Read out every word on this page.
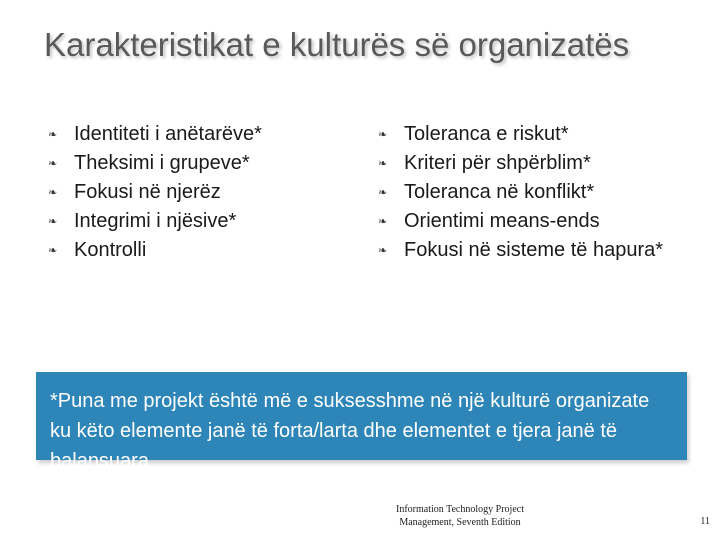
Karakteristikat e kulturës së organizatës
❧ Identiteti i anëtarëve*
❧ Theksimi i grupeve*
❧ Fokusi në njerëz
❧ Integrimi i njësive*
❧ Kontrolli
❧ Toleranca e riskut*
❧ Kriteri për shpërblim*
❧ Toleranca në konflikt*
❧ Orientimi means-ends
❧ Fokusi në sisteme të hapura*
*Puna me projekt është më e suksesshme në një kulturë organizate ku këto elemente janë të forta/larta dhe elementet e tjera janë të balansuara
Information Technology Project
Management, Seventh Edition	11
